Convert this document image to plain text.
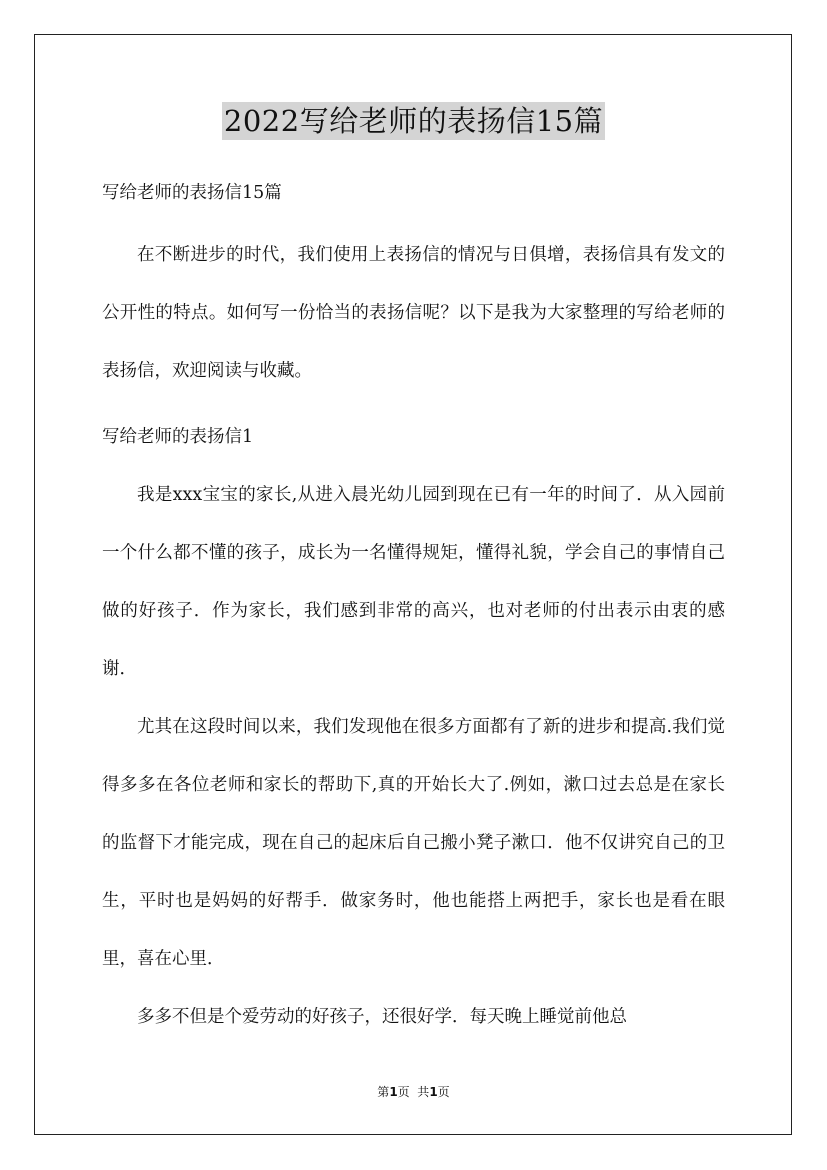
2022写给老师的表扬信15篇

写给老师的表扬信15篇

在不断进步的时代，我们使用上表扬信的情况与日俱增，表扬信具有发文的公开性的特点。如何写一份恰当的表扬信呢？以下是我为大家整理的写给老师的表扬信，欢迎阅读与收藏。

写给老师的表扬信1

我是xxx宝宝的家长,从进入晨光幼儿园到现在已有一年的时间了．从入园前一个什么都不懂的孩子，成长为一名懂得规矩，懂得礼貌，学会自己的事情自己做的好孩子．作为家长，我们感到非常的高兴，也对老师的付出表示由衷的感谢．

尤其在这段时间以来，我们发现他在很多方面都有了新的进步和提高.我们觉得多多在各位老师和家长的帮助下,真的开始长大了.例如，漱口过去总是在家长的监督下才能完成，现在自己的起床后自己搬小凳子漱口．他不仅讲究自己的卫生，平时也是妈妈的好帮手．做家务时，他也能搭上两把手，家长也是看在眼里，喜在心里．

多多不但是个爱劳动的好孩子，还很好学．每天晚上睡觉前他总

第1页  共1页
